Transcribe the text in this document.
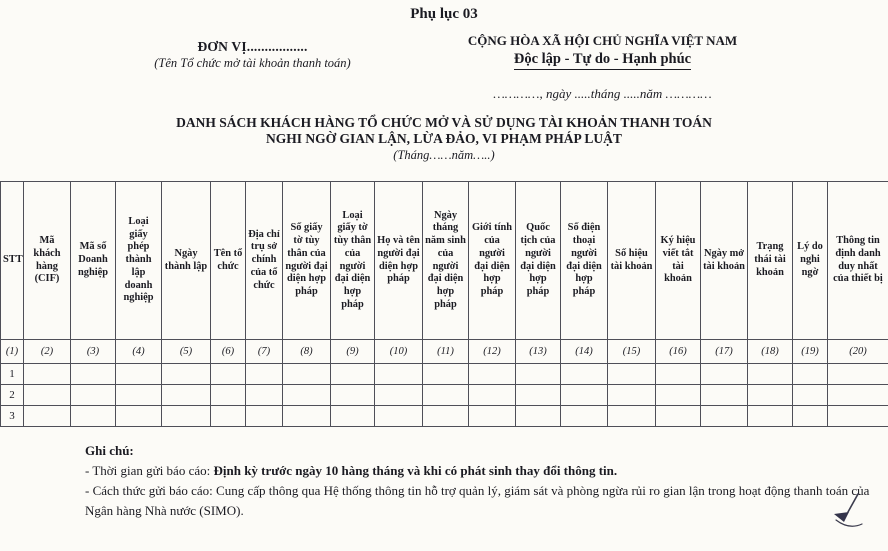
Phụ lục 03
ĐƠN VỊ.................
(Tên Tổ chức mở tài khoản thanh toán)
CỘNG HÒA XÃ HỘI CHỦ NGHĨA VIỆT NAM
Độc lập - Tự do - Hạnh phúc
…………, ngày .....tháng .....năm …………
DANH SÁCH KHÁCH HÀNG TỔ CHỨC MỞ VÀ SỬ DỤNG TÀI KHOẢN THANH TOÁN
NGHI NGỜ GIAN LẬN, LỪA ĐẢO, VI PHẠM PHÁP LUẬT
(Tháng……năm…..)
STT	Mã khách hàng (CIF)	Mã số Doanh nghiệp	Loại giấy phép thành lập doanh nghiệp	Ngày thành lập	Tên tổ chức	Địa chỉ trụ sở chính của tổ chức	Số giấy tờ tùy thân của người đại diện hợp pháp	Loại giấy tờ tùy thân của người đại diện hợp pháp	Họ và tên người đại diện hợp pháp	Ngày tháng năm sinh của người đại diện hợp pháp	Giới tính của người đại diện hợp pháp	Quốc tịch của người đại diện hợp pháp	Số điện thoại người đại diện hợp pháp	Số hiệu tài khoản	Ký hiệu viết tắt tài khoản	Ngày mở tài khoản	Trạng thái tài khoản	Lý do nghi ngờ	Thông tin định danh duy nhất của thiết bị
(1)	(2)	(3)	(4)	(5)	(6)	(7)	(8)	(9)	(10)	(11)	(12)	(13)	(14)	(15)	(16)	(17)	(18)	(19)	(20)
1																			
2																			
3																			
Ghi chú:
- Thời gian gửi báo cáo: Định kỳ trước ngày 10 hàng tháng và khi có phát sinh thay đổi thông tin.
- Cách thức gửi báo cáo: Cung cấp thông qua Hệ thống thông tin hỗ trợ quản lý, giám sát và phòng ngừa rủi ro gian lận trong hoạt động thanh toán của Ngân hàng Nhà nước (SIMO).
